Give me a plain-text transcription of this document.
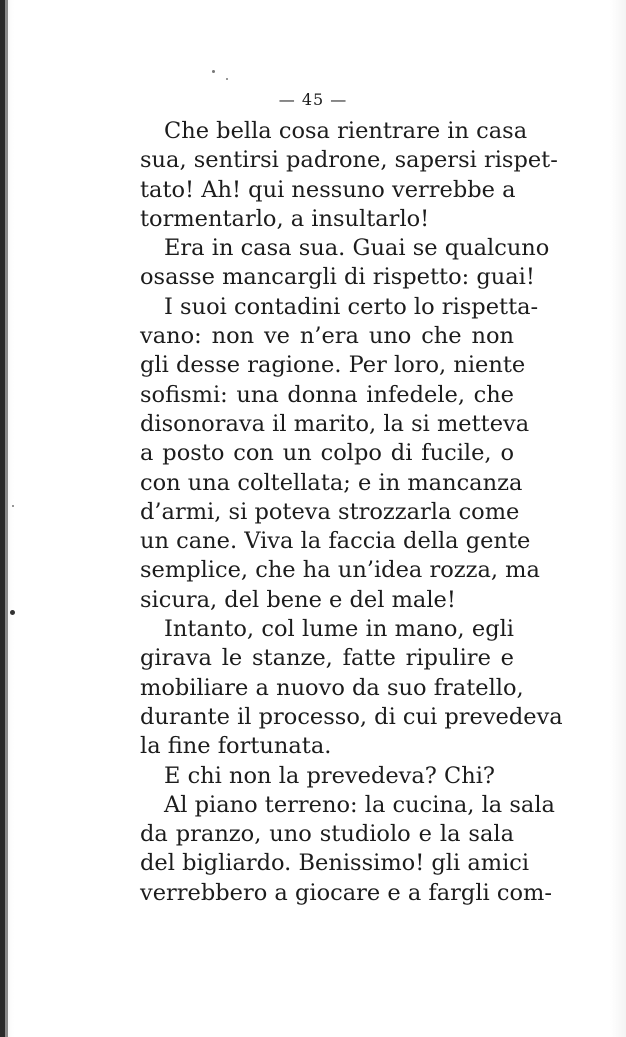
— 45 —
Che bella cosa rientrare in casa
sua, sentirsi padrone, sapersi rispet-
tato! Ah! qui nessuno verrebbe a
tormentarlo, a insultarlo!
Era in casa sua. Guai se qualcuno
osasse mancargli di rispetto: guai!
I suoi contadini certo lo rispetta-
vano: non ve n’era uno che non
gli desse ragione. Per loro, niente
sofismi: una donna infedele, che
disonorava il marito, la si metteva
a posto con un colpo di fucile, o
con una coltellata; e in mancanza
d’armi, si poteva strozzarla come
un cane. Viva la faccia della gente
semplice, che ha un’idea rozza, ma
sicura, del bene e del male!
Intanto, col lume in mano, egli
girava le stanze, fatte ripulire e
mobiliare a nuovo da suo fratello,
durante il processo, di cui prevedeva
la fine fortunata.
E chi non la prevedeva? Chi?
Al piano terreno: la cucina, la sala
da pranzo, uno studiolo e la sala
del bigliardo. Benissimo! gli amici
verrebbero a giocare e a fargli com-
